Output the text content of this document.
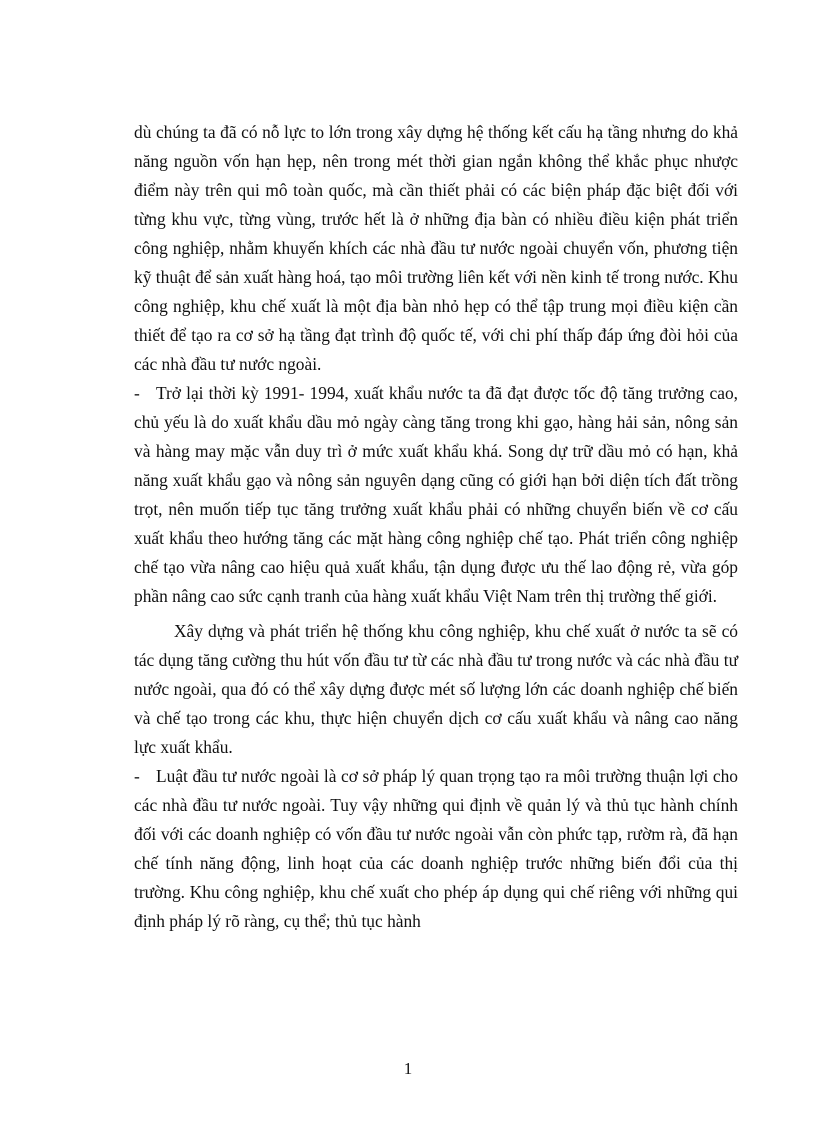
dù chúng ta đã có nỗ lực to lớn trong xây dựng hệ thống kết cấu hạ tầng nhưng do khả năng nguồn vốn hạn hẹp, nên trong mét thời gian ngắn không thể khắc phục nhược điểm này trên qui mô toàn quốc, mà cần thiết phải có các biện pháp đặc biệt đối với từng khu vực, từng vùng, trước hết là ở những địa bàn có nhiều điều kiện phát triển công nghiệp, nhằm khuyến khích các nhà đầu tư nước ngoài chuyển vốn, phương tiện kỹ thuật để sản xuất hàng hoá, tạo môi trường liên kết với nền kinh tế trong nước. Khu công nghiệp, khu chế xuất là một địa bàn nhỏ hẹp có thể tập trung mọi điều kiện cần thiết để tạo ra cơ sở hạ tầng đạt trình độ quốc tế, với chi phí thấp đáp ứng đòi hỏi của các nhà đầu tư nước ngoài.

- Trở lại thời kỳ 1991- 1994, xuất khẩu nước ta đã đạt được tốc độ tăng trưởng cao, chủ yếu là do xuất khẩu dầu mỏ ngày càng tăng trong khi gạo, hàng hải sản, nông sản và hàng may mặc vẫn duy trì ở mức xuất khẩu khá. Song dự trữ dầu mỏ có hạn, khả năng xuất khẩu gạo và nông sản nguyên dạng cũng có giới hạn bởi diện tích đất trồng trọt, nên muốn tiếp tục tăng trưởng xuất khẩu phải có những chuyển biến về cơ cấu xuất khẩu theo hướng tăng các mặt hàng công nghiệp chế tạo. Phát triển công nghiệp chế tạo vừa nâng cao hiệu quả xuất khẩu, tận dụng được ưu thế lao động rẻ, vừa góp phần nâng cao sức cạnh tranh của hàng xuất khẩu Việt Nam trên thị trường thế giới.

Xây dựng và phát triển hệ thống khu công nghiệp, khu chế xuất ở nước ta sẽ có tác dụng tăng cường thu hút vốn đầu tư từ các nhà đầu tư trong nước và các nhà đầu tư nước ngoài, qua đó có thể xây dựng được mét số lượng lớn các doanh nghiệp chế biến và chế tạo trong các khu, thực hiện chuyển dịch cơ cấu xuất khẩu và nâng cao năng lực xuất khẩu.

- Luật đầu tư nước ngoài là cơ sở pháp lý quan trọng tạo ra môi trường thuận lợi cho các nhà đầu tư nước ngoài. Tuy vậy những qui định về quản lý và thủ tục hành chính đối với các doanh nghiệp có vốn đầu tư nước ngoài vẫn còn phức tạp, rườm rà, đã hạn chế tính năng động, linh hoạt của các doanh nghiệp trước những biến đổi của thị trường. Khu công nghiệp, khu chế xuất cho phép áp dụng qui chế riêng với những qui định pháp lý rõ ràng, cụ thể; thủ tục hành

1
